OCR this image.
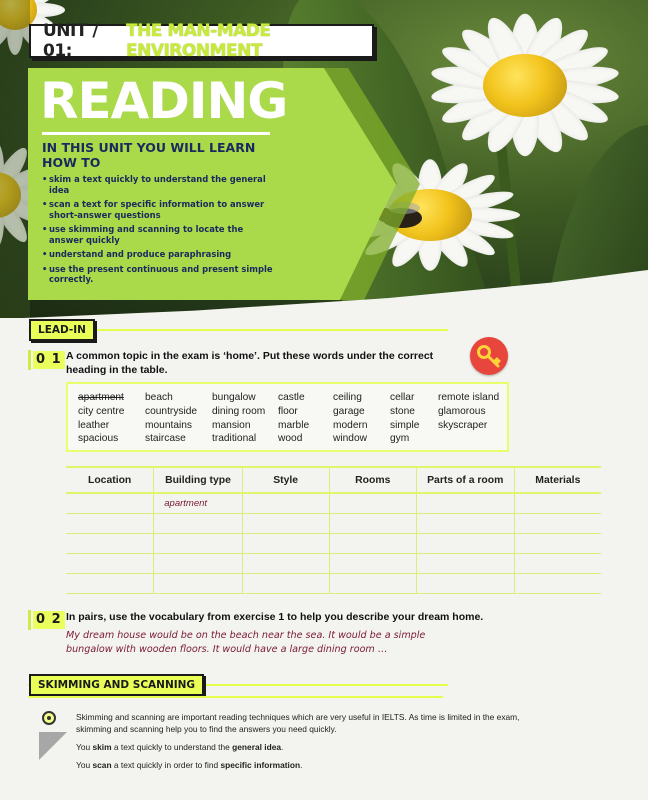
UNIT / 01:
THE MAN-MADE ENVIRONMENT
READING
IN THIS UNIT YOU WILL LEARN HOW TO
• skim a text quickly to understand the general idea
• scan a text for specific information to answer short-answer questions
• use skimming and scanning to locate the answer quickly
• understand and produce paraphrasing
• use the present continuous and present simple correctly.
LEAD-IN
0 1 A common topic in the exam is ‘home’. Put these words under the correct heading in the table.
apartment	beach	bungalow	castle	ceiling	cellar	remote island
city centre	countryside	dining room	floor	garage	stone	glamorous
leather	mountains	mansion	marble	modern	simple	skyscraper
spacious	staircase	traditional	wood	window	gym
Location	Building type	Style	Rooms	Parts of a room	Materials
	apartment				

0 2 In pairs, use the vocabulary from exercise 1 to help you describe your dream home.
My dream house would be on the beach near the sea. It would be a simple bungalow with wooden floors. It would have a large dining room …
SKIMMING AND SCANNING
Skimming and scanning are important reading techniques which are very useful in IELTS. As time is limited in the exam, skimming and scanning help you to find the answers you need quickly.
You skim a text quickly to understand the general idea.
You scan a text quickly in order to find specific information.
